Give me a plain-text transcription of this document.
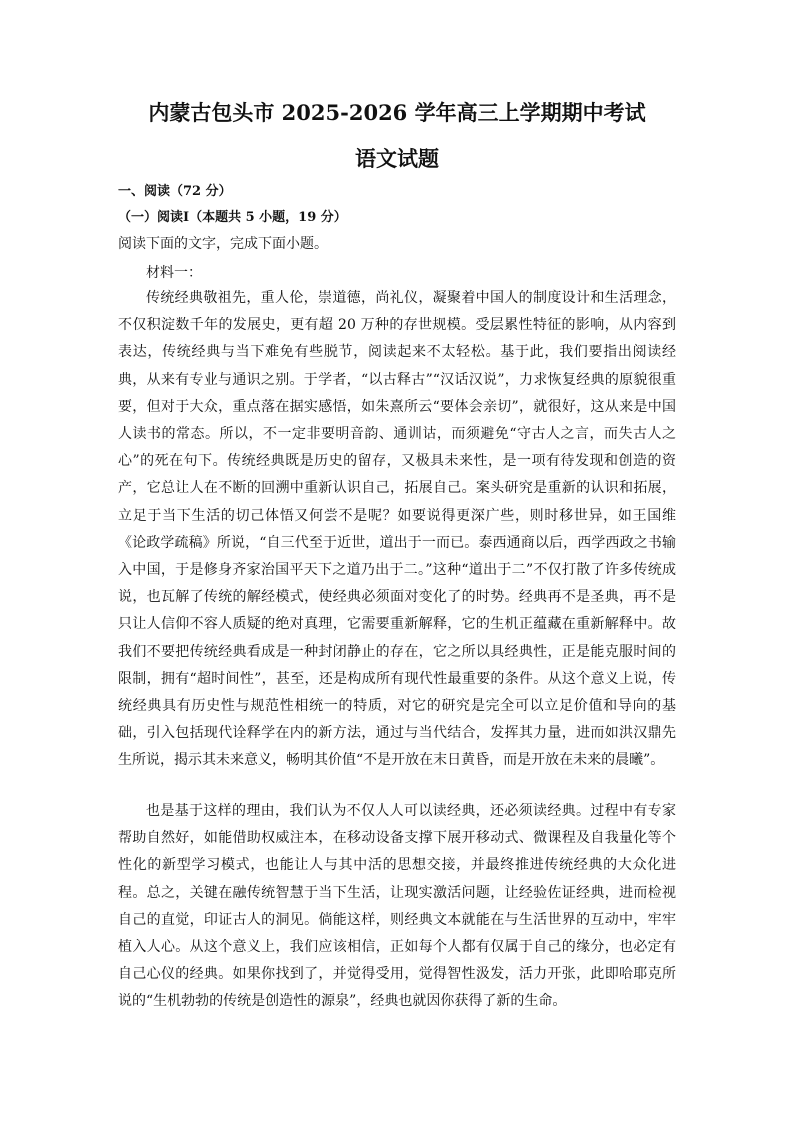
内蒙古包头市 2025-2026 学年高三上学期期中考试
语文试题

一、阅读（72 分）

（一）阅读Ⅰ（本题共 5 小题，19 分）

阅读下面的文字，完成下面小题。

材料一：

传统经典敬祖先，重人伦，崇道德，尚礼仪，凝聚着中国人的制度设计和生活理念，不仅积淀数千年的发展史，更有超 20 万种的存世规模。受层累性特征的影响，从内容到表达，传统经典与当下难免有些脱节，阅读起来不太轻松。基于此，我们要指出阅读经典，从来有专业与通识之别。于学者，“以古释古”“汉话汉说”，力求恢复经典的原貌很重要，但对于大众，重点落在据实感悟，如朱熹所云“要体会亲切”，就很好，这从来是中国人读书的常态。所以，不一定非要明音韵、通训诂，而须避免“守古人之言，而失古人之心”的死在句下。传统经典既是历史的留存，又极具未来性，是一项有待发现和创造的资产，它总让人在不断的回溯中重新认识自己，拓展自己。案头研究是重新的认识和拓展，立足于当下生活的切己体悟又何尝不是呢？如要说得更深广些，则时移世异，如王国维《论政学疏稿》所说，“自三代至于近世，道出于一而已。泰西通商以后，西学西政之书输入中国，于是修身齐家治国平天下之道乃出于二。”这种“道出于二”不仅打散了许多传统成说，也瓦解了传统的解经模式，使经典必须面对变化了的时势。经典再不是圣典，再不是只让人信仰不容人质疑的绝对真理，它需要重新解释，它的生机正蕴藏在重新解释中。故我们不要把传统经典看成是一种封闭静止的存在，它之所以具经典性，正是能克服时间的限制，拥有“超时间性”，甚至，还是构成所有现代性最重要的条件。从这个意义上说，传统经典具有历史性与规范性相统一的特质，对它的研究是完全可以立足价值和导向的基础，引入包括现代诠释学在内的新方法，通过与当代结合，发挥其力量，进而如洪汉鼎先生所说，揭示其未来意义，畅明其价值“不是开放在末日黄昏，而是开放在未来的晨曦”。

也是基于这样的理由，我们认为不仅人人可以读经典，还必须读经典。过程中有专家帮助自然好，如能借助权威注本，在移动设备支撑下展开移动式、微课程及自我量化等个性化的新型学习模式，也能让人与其中活的思想交接，并最终推进传统经典的大众化进程。总之，关键在融传统智慧于当下生活，让现实激活问题，让经验佐证经典，进而检视自己的直觉，印证古人的洞见。倘能这样，则经典文本就能在与生活世界的互动中，牢牢植入人心。从这个意义上，我们应该相信，正如每个人都有仅属于自己的缘分，也必定有自己心仪的经典。如果你找到了，并觉得受用，觉得智性汲发，活力开张，此即哈耶克所说的“生机勃勃的传统是创造性的源泉”，经典也就因你获得了新的生命。
